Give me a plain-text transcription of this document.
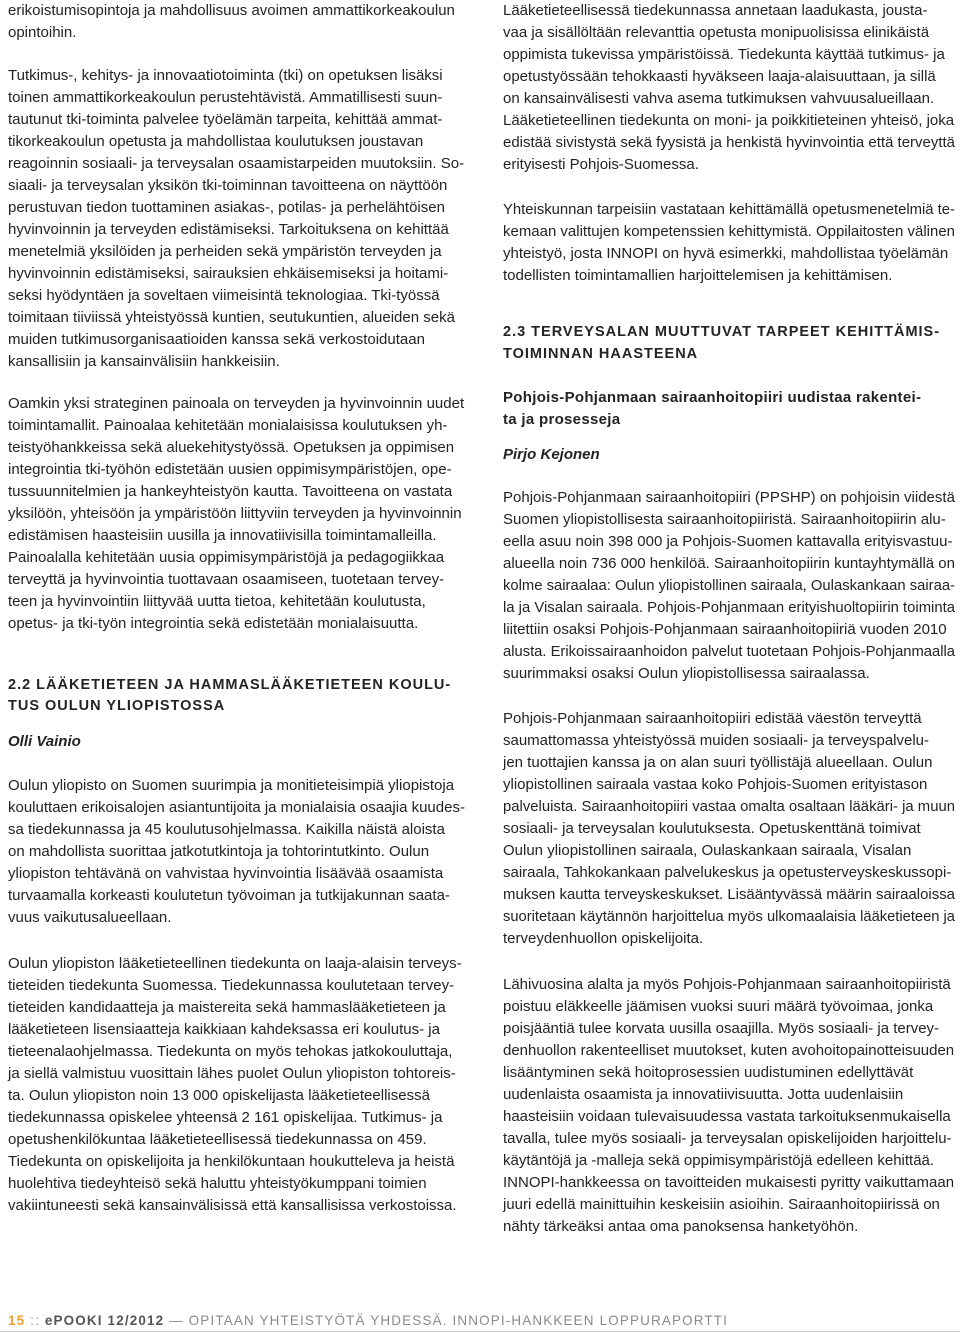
erikoistumisopintoja ja mahdollisuus avoimen ammattikorkeakoulun
opintoihin.
Tutkimus-, kehitys- ja innovaatiotoiminta (tki) on opetuksen lisäksi
toinen ammattikorkeakoulun perustehtävistä. Ammatillisesti suun-
tautunut tki-toiminta palvelee työelämän tarpeita, kehittää ammat-
tikorkeakoulun opetusta ja mahdollistaa koulutuksen joustavan
reagoinnin sosiaali- ja terveysalan osaamistarpeiden muutoksiin. So-
siaali- ja terveysalan yksikön tki-toiminnan tavoitteena on näyttöön
perustuvan tiedon tuottaminen asiakas-, potilas- ja perhelähtöisen
hyvinvoinnin ja terveyden edistämiseksi. Tarkoituksena on kehittää
menetelmiä yksilöiden ja perheiden sekä ympäristön terveyden ja
hyvinvoinnin edistämiseksi, sairauksien ehkäisemiseksi ja hoitami-
seksi hyödyntäen ja soveltaen viimeisintä teknologiaa. Tki-työssä
toimitaan tiiviissä yhteistyössä kuntien, seutukuntien, alueiden sekä
muiden tutkimusorganisaatioiden kanssa sekä verkostoidutaan
kansallisiin ja kansainvälisiin hankkeisiin.
Oamkin yksi strateginen painoala on terveyden ja hyvinvoinnin uudet
toimintamallit. Painoalaa kehitetään monialaisissa koulutuksen yh-
teistyöhankkeissa sekä aluekehitystyössä. Opetuksen ja oppimisen
integrointia tki-työhön edistetään uusien oppimisympäristöjen, ope-
tussuunnitelmien ja hankeyhteistyön kautta. Tavoitteena on vastata
yksilöön, yhteisöön ja ympäristöön liittyviin terveyden ja hyvinvoinnin
edistämisen haasteisiin uusilla ja innovatiivisilla toimintamalleilla.
Painoalalla kehitetään uusia oppimisympäristöjä ja pedagogiikkaa
terveyttä ja hyvinvointia tuottavaan osaamiseen, tuotetaan tervey-
teen ja hyvinvointiin liittyvää uutta tietoa, kehitetään koulutusta,
opetus- ja tki-työn integrointia sekä edistetään monialaisuutta.
2.2 LÄÄKETIETEEN JA HAMMASLÄÄKETIETEEN KOULU-
TUS OULUN YLIOPISTOSSA
Olli Vainio
Oulun yliopisto on Suomen suurimpia ja monitieteisimpiä yliopistoja
kouluttaen erikoisalojen asiantuntijoita ja monialaisia osaajia kuudes-
sa tiedekunnassa ja 45 koulutusohjelmassa. Kaikilla näistä aloista
on mahdollista suorittaa jatkotutkintoja ja tohtorintutkinto. Oulun
yliopiston tehtävänä on vahvistaa hyvinvointia lisäävää osaamista
turvaamalla korkeasti koulutetun työvoiman ja tutkijakunnan saata-
vuus vaikutusalueellaan.
Oulun yliopiston lääketieteellinen tiedekunta on laaja-alaisin terveys-
tieteiden tiedekunta Suomessa. Tiedekunnassa koulutetaan tervey-
tieteiden kandidaatteja ja maistereita sekä hammaslääketieteen ja
lääketieteen lisensiaatteja kaikkiaan kahdeksassa eri koulutus- ja
tieteenalaohjelmassa. Tiedekunta on myös tehokas jatkokouluttaja,
ja siellä valmistuu vuosittain lähes puolet Oulun yliopiston tohtoreis-
ta. Oulun yliopiston noin 13 000 opiskelijasta lääketieteellisessä
tiedekunnassa opiskelee yhteensä 2 161 opiskelijaa. Tutkimus- ja
opetushenkilökuntaa lääketieteellisessä tiedekunnassa on 459.
Tiedekunta on opiskelijoita ja henkilökuntaan houkutteleva ja heistä
huolehtiva tiedeyhteisö sekä haluttu yhteistyökumppani toimien
vakiintuneesti sekä kansainvälisissä että kansallisissa verkostoissa.
Lääketieteellisessä tiedekunnassa annetaan laadukasta, jousta-
vaa ja sisällöltään relevanttia opetusta monipuolisissa elinikäistä
oppimista tukevissa ympäristöissä. Tiedekunta käyttää tutkimus- ja
opetustyössään tehokkaasti hyväkseen laaja-alaisuuttaan, ja sillä
on kansainvälisesti vahva asema tutkimuksen vahvuusalueillaan.
Lääketieteellinen tiedekunta on moni- ja poikkitieteinen yhteisö, joka
edistää sivistystä sekä fyysistä ja henkistä hyvinvointia että terveyttä
erityisesti Pohjois-Suomessa.
Yhteiskunnan tarpeisiin vastataan kehittämällä opetusmenetelmiä te-
kemaan valittujen kompetenssien kehittymistä. Oppilaitosten välinen
yhteistyö, josta INNOPI on hyvä esimerkki, mahdollistaa työelämän
todellisten toimintamallien harjoittelemisen ja kehittämisen.
2.3 TERVEYSALAN MUUTTUVAT TARPEET KEHITTÄMIS-
TOIMINNAN HAASTEENA
Pohjois-Pohjanmaan sairaanhoitopiiri uudistaa rakentei-
ta ja prosesseja
Pirjo Kejonen
Pohjois-Pohjanmaan sairaanhoitopiiri (PPSHP) on pohjoisin viidestä
Suomen yliopistollisesta sairaanhoitopiiristä. Sairaanhoitopiirin alu-
eella asuu noin 398 000 ja Pohjois-Suomen kattavalla erityisvastuu-
alueella noin 736 000 henkilöä. Sairaanhoitopiirin kuntayhtymällä on
kolme sairaalaa: Oulun yliopistollinen sairaala, Oulaskankaan sairaa-
la ja Visalan sairaala. Pohjois-Pohjanmaan erityishuoltopiirin toiminta
liitettiin osaksi Pohjois-Pohjanmaan sairaanhoitopiiriä vuoden 2010
alusta. Erikoissairaanhoidon palvelut tuotetaan Pohjois-Pohjanmaalla
suurimmaksi osaksi Oulun yliopistollisessa sairaalassa.
Pohjois-Pohjanmaan sairaanhoitopiiri edistää väestön terveyttä
saumattomassa yhteistyössä muiden sosiaali- ja terveyspalvelu-
jen tuottajien kanssa ja on alan suuri työllistäjä alueellaan. Oulun
yliopistollinen sairaala vastaa koko Pohjois-Suomen erityistason
palveluista. Sairaanhoitopiiri vastaa omalta osaltaan lääkäri- ja muun
sosiaali- ja terveysalan koulutuksesta. Opetuskenttänä toimivat
Oulun yliopistollinen sairaala, Oulaskankaan sairaala, Visalan
sairaala, Tahkokankaan palvelukeskus ja opetusterveyskeskussopi-
muksen kautta terveyskeskukset. Lisääntyvässä määrin sairaaloissa
suoritetaan käytännön harjoittelua myös ulkomaalaisia lääketieteen ja
terveydenhuollon opiskelijoita.
Lähivuosina alalta ja myös Pohjois-Pohjanmaan sairaanhoitopiiristä
poistuu eläkkeelle jäämisen vuoksi suuri määrä työvoimaa, jonka
poisjääntiä tulee korvata uusilla osaajilla. Myös sosiaali- ja tervey-
denhuollon rakenteelliset muutokset, kuten avohoitopainotteisuuden
lisääntyminen sekä hoitoprosessien uudistuminen edellyttävät
uudenlaista osaamista ja innovatiivisuutta. Jotta uudenlaisiin
haasteisiin voidaan tulevaisuudessa vastata tarkoituksenmukaisella
tavalla, tulee myös sosiaali- ja terveysalan opiskelijoiden harjoittelu-
käytäntöjä ja -malleja sekä oppimisympäristöjä edelleen kehittää.
INNOPI-hankkeessa on tavoitteiden mukaisesti pyritty vaikuttamaan
juuri edellä mainittuihin keskeisiin asioihin. Sairaanhoitopiirissä on
nähty tärkeäksi antaa oma panoksensa hanketyöhön.
15 :: ePOOKI 12/2012 — OPITAAN YHTEISTYÖTÄ YHDESSÄ. INNOPI-HANKKEEN LOPPURAPORTTI
